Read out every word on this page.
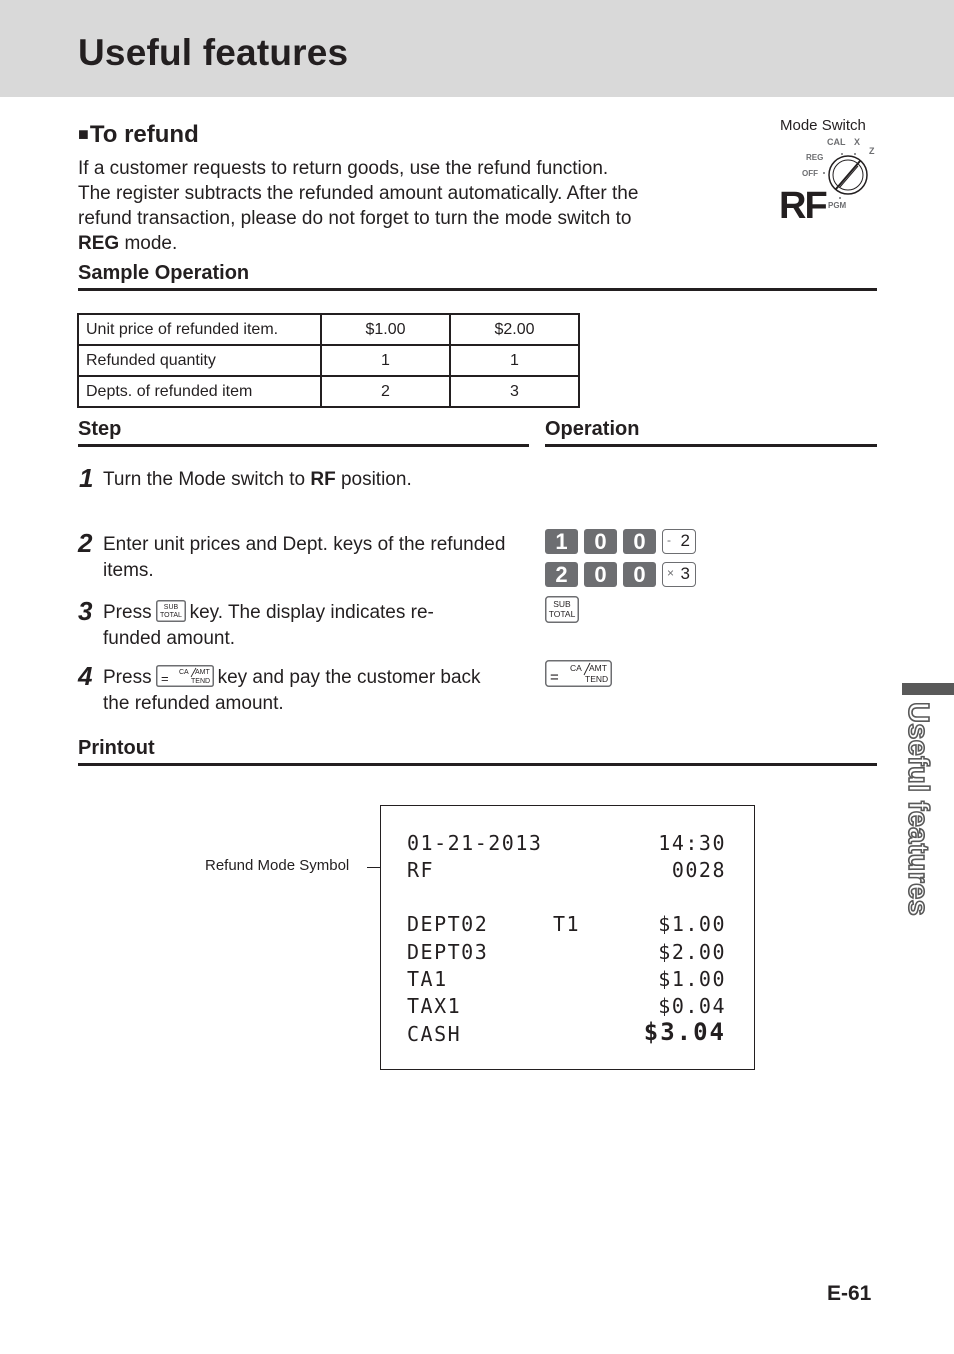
Useful features
Useful features
■To refund
If a customer requests to return goods, use the refund function.
The register subtracts the refunded amount automatically. After the
refund transaction, please do not forget to turn the mode switch to
REG mode.
Mode Switch
CAL X
Z
REG
OFF
PGM
RF
Sample Operation
Unit price of refunded item.	$1.00	$2.00
Refunded quantity	1	1
Depts. of refunded item	2	3
Step	Operation
1 Turn the Mode switch to RF position.
2 Enter unit prices and Dept. keys of the refunded
items.
3 Press SUB
TOTAL key. The display indicates re-
funded amount.
4 Press = CA AMT
TEND key and pay the customer back
the refunded amount.
1	0	0	- 2
2	0	0	× 3
SUB
TOTAL
=
CA AMT
TEND
Printout
Refund Mode Symbol
01-21-2013	14:30
RF	0028
DEPT02	T1	$1.00
DEPT03	$2.00
TA1	$1.00
TAX1	$0.04
CASH	$3.04
E-61
